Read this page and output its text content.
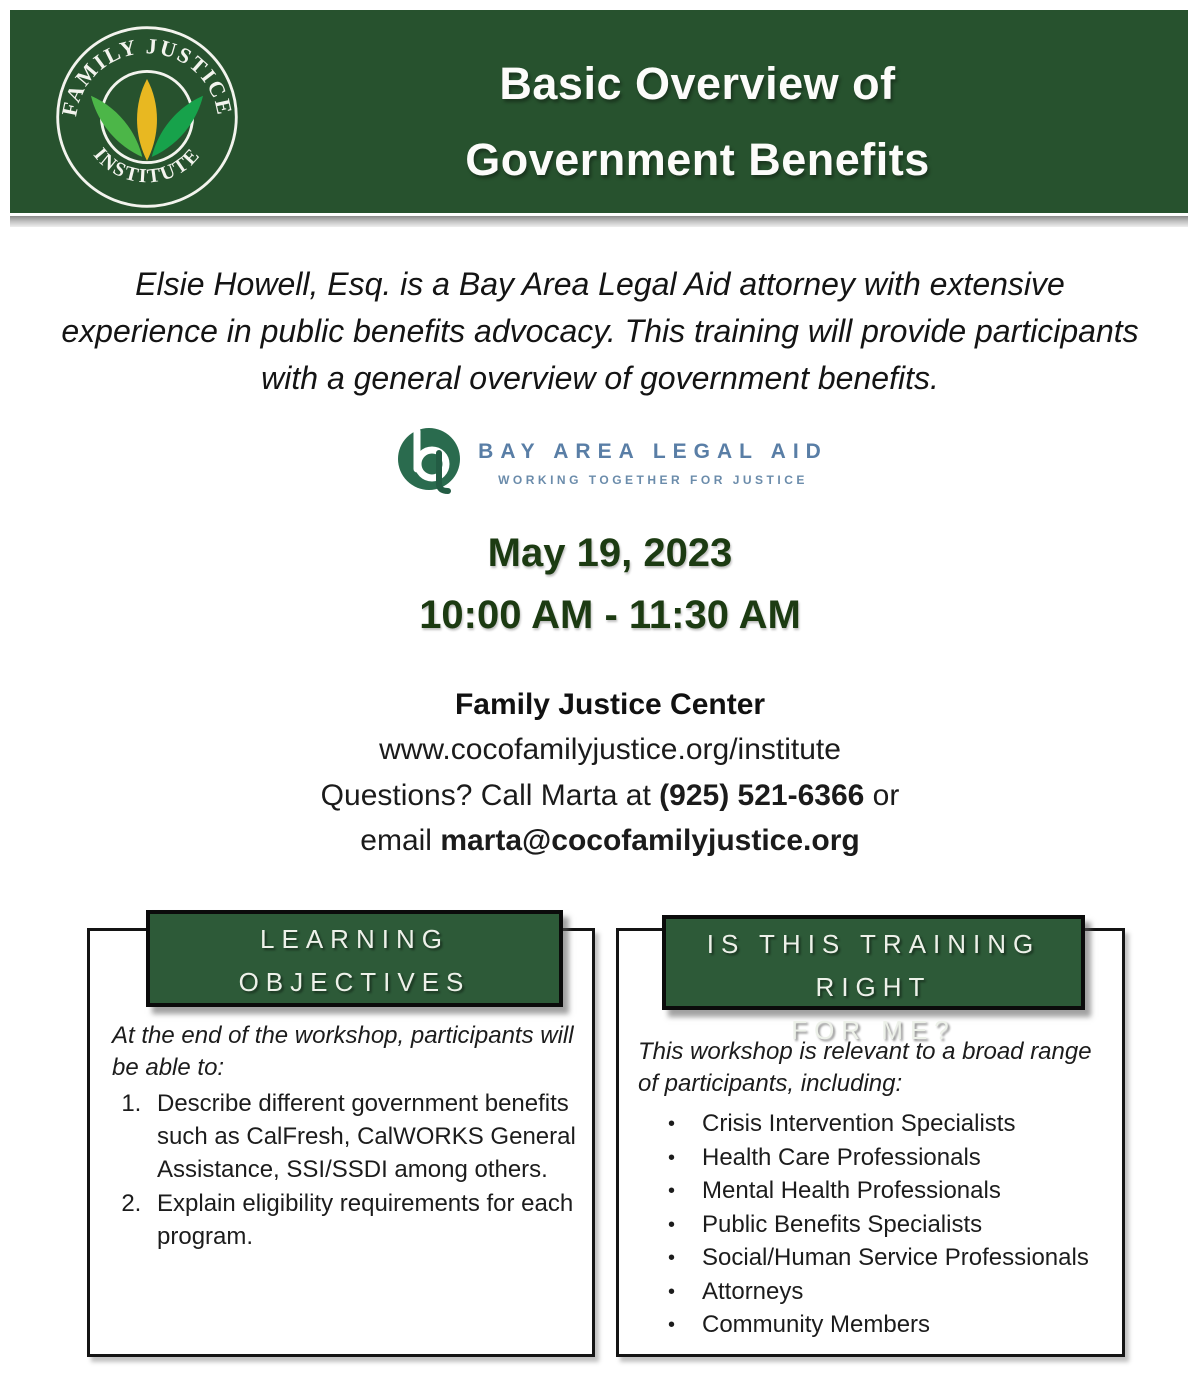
FAMILY JUSTICE
INSTITUTE
Basic Overview of
Government Benefits
Elsie Howell, Esq. is a Bay Area Legal Aid attorney with extensive experience in public benefits advocacy. This training will provide participants with a general overview of government benefits.
BAY AREA LEGAL AID
WORKING TOGETHER FOR JUSTICE
May 19, 2023
10:00 AM - 11:30 AM
Family Justice Center
www.cocofamilyjustice.org/institute
Questions? Call Marta at (925) 521-6366 or
email marta@cocofamilyjustice.org
LEARNING
OBJECTIVES
At the end of the workshop, participants will be able to:
1. Describe different government benefits such as CalFresh, CalWORKS General Assistance, SSI/SSDI among others.
2. Explain eligibility requirements for each program.
IS THIS TRAINING RIGHT
FOR ME?
This workshop is relevant to a broad range of participants, including:
• Crisis Intervention Specialists
• Health Care Professionals
• Mental Health Professionals
• Public Benefits Specialists
• Social/Human Service Professionals
• Attorneys
• Community Members
